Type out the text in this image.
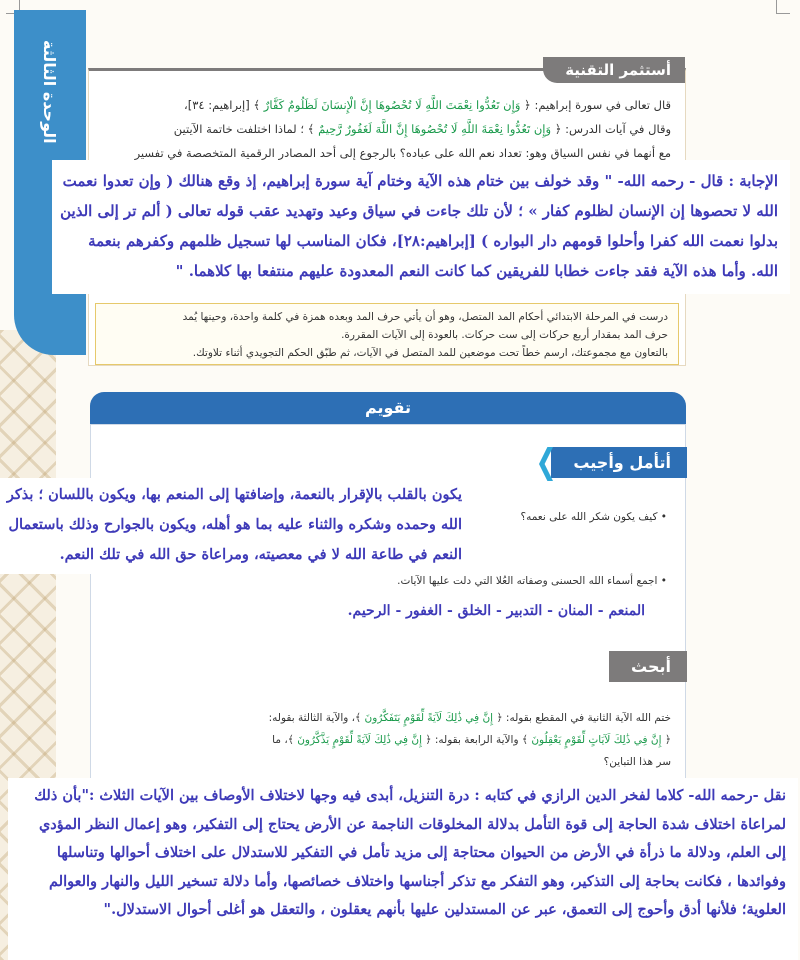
الوحدة الثالثة	أستثمر التقنية
قال تعالى في سورة إبراهيم: ﴿ وَإِن تَعُدُّوا نِعْمَتَ اللَّهِ لَا تُحْصُوهَا إِنَّ الْإِنسَانَ لَظَلُومٌ كَفَّارٌ ﴾ [إبراهيم: ٣٤]،
وقال في آيات الدرس: ﴿ وَإِن تَعُدُّوا نِعْمَةَ اللَّهِ لَا تُحْصُوهَا إِنَّ اللَّهَ لَغَفُورٌ رَّحِيمٌ ﴾ ؛ لماذا اختلفت خاتمة الآيتين
مع أنهما في نفس السياق وهو: تعداد نعم الله على عباده؟ بالرجوع إلى أحد المصادر الرقمية المتخصصة في تفسير
درست في المرحلة الابتدائي أحكام المد المتصل، وهو أن يأتي حرف المد وبعده همزة في كلمة واحدة، وحينها يُمد
حرف المد بمقدار أربع حركات إلى ست حركات. بالعودة إلى الآيات المقررة.
بالتعاون مع مجموعتك، ارسم خطاً تحت موضعين للمد المتصل في الآيات، ثم طبّق الحكم التجويدي أثناء تلاوتك.
الإجابة : قال - رحمه الله- " وقد خولف بين ختام هذه الآية وختام آية سورة إبراهيم، إذ وقع هنالك ( وإن تعدوا نعمت الله لا تحصوها إن الإنسان لظلوم كفار » ؛ لأن تلك جاءت في سياق وعيد وتهديد عقب قوله تعالى ( ألم تر إلى الذين بدلوا نعمت الله كفرا وأحلوا قومهم دار البواره ) [إبراهيم:٢٨]، فكان المناسب لها تسجيل ظلمهم وكفرهم بنعمة الله. وأما هذه الآية فقد جاءت خطابا للفريقين كما كانت النعم المعدودة عليهم منتفعا بها كلاهما. "
تقويم
أتأمل وأجيب
• كيف يكون شكر الله على نعمه؟
• اجمع أسماء الله الحسنى وصفاته العُلا التي دلت عليها الآيات.
المنعم - المنان - التدبير - الخلق - الغفور - الرحيم.
أبحث
ختم الله الآية الثانية في المقطع بقوله: ﴿ إِنَّ فِي ذَٰلِكَ لَآيَةً لِّقَوْمٍ يَتَفَكَّرُونَ ﴾، والآية الثالثة بقوله:
﴿ إِنَّ فِي ذَٰلِكَ لَآيَاتٍ لِّقَوْمٍ يَعْقِلُونَ ﴾ والآية الرابعة بقوله: ﴿ إِنَّ فِي ذَٰلِكَ لَآيَةً لِّقَوْمٍ يَذَّكَّرُونَ ﴾، ما
سر هذا التباين؟
يكون بالقلب بالإقرار بالنعمة، وإضافتها إلى المنعم بها، ويكون باللسان ؛ بذكر الله وحمده وشكره والثناء عليه بما هو أهله، ويكون بالجوارح وذلك باستعمال النعم في طاعة الله لا في معصيته، ومراعاة حق الله في تلك النعم.
نقل -رحمه الله- كلاما لفخر الدين الرازي في كتابه : درة التنزيل، أبدى فيه وجها لاختلاف الأوصاف بين الآيات الثلاث :"بأن ذلك لمراعاة اختلاف شدة الحاجة إلى قوة التأمل بدلالة المخلوقات الناجمة عن الأرض يحتاج إلى التفكير، وهو إعمال النظر المؤدي إلى العلم، ودلالة ما ذرأة في الأرض من الحيوان محتاجة إلى مزيد تأمل في التفكير للاستدلال على اختلاف أحوالها وتناسلها وفوائدها ، فكانت بحاجة إلى التذكير، وهو التفكر مع تذكر أجناسها واختلاف خصائصها، وأما دلالة تسخير الليل والنهار والعوالم العلوية؛ فلأنها أدق وأحوج إلى التعمق، عبر عن المستدلين عليها بأنهم يعقلون ، والتعقل هو أغلى أحوال الاستدلال."
